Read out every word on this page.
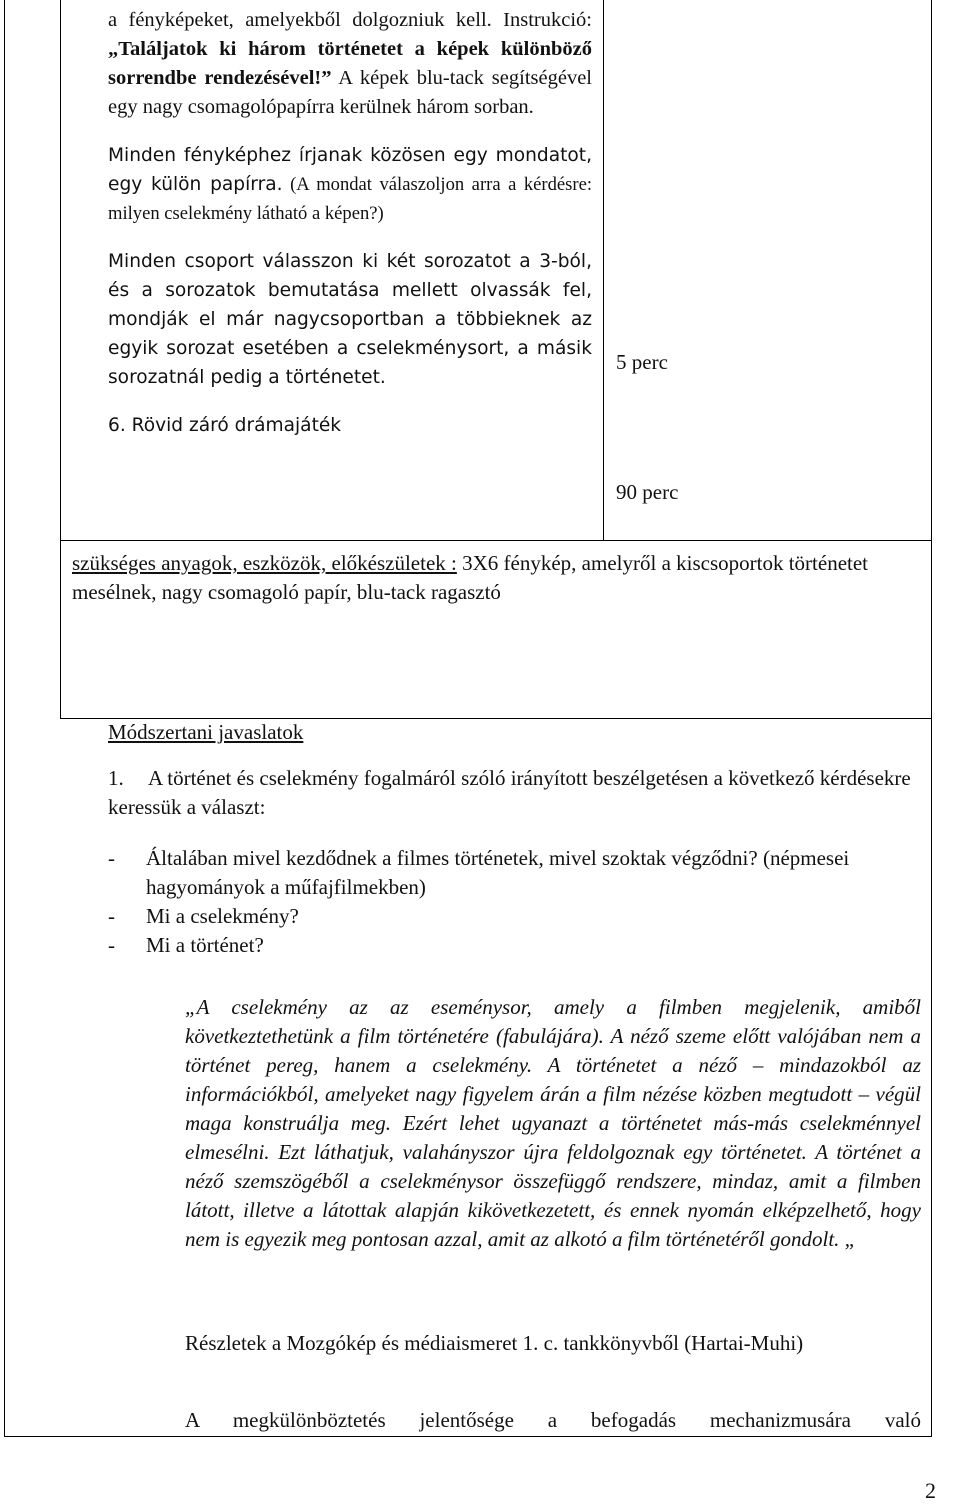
a fényképeket, amelyekből dolgozniuk kell. Instrukció: „Találjatok ki három történetet a képek különböző sorrendbe rendezésével!” A képek blu-tack segítségével egy nagy csomagolópapírra kerülnek három sorban.

Minden fényképhez írjanak közösen egy mondatot, egy külön papírra. (A mondat válaszoljon arra a kérdésre: milyen cselekmény látható a képen?)

Minden csoport válasszon ki két sorozatot a 3-ból, és a sorozatok bemutatása mellett olvassák fel, mondják el már nagycsoportban a többieknek az egyik sorozat esetében a cselekménysort, a másik sorozatnál pedig a történetet.

6. Rövid záró drámajáték

5 perc
90 perc
szükséges anyagok, eszközök, előkészületek : 3X6 fénykép, amelyről a kiscsoportok történetet mesélnek, nagy csomagoló papír, blu-tack ragasztó

Módszertani javaslatok

1. A történet és cselekmény fogalmáról szóló irányított beszélgetésen a következő kérdésekre keressük a választ:

- Általában mivel kezdődnek a filmes történetek, mivel szoktak végződni? (népmesei hagyományok a műfajfilmekben)
- Mi a cselekmény?
- Mi a történet?

„A cselekmény az az eseménysor, amely a filmben megjelenik, amiből következtethetünk a film történetére (fabulájára). A néző szeme előtt valójában nem a történet pereg, hanem a cselekmény. A történetet a néző – mindazokból az információkból, amelyeket nagy figyelem árán a film nézése közben megtudott – végül maga konstruálja meg. Ezért lehet ugyanazt a történetet más-más cselekménnyel elmesélni. Ezt láthatjuk, valahányszor újra feldolgoznak egy történetet. A történet a néző szemszögéből a cselekménysor összefüggő rendszere, mindaz, amit a filmben látott, illetve a látottak alapján kikövetkezetett, és ennek nyomán elképzelhető, hogy nem is egyezik meg pontosan azzal, amit az alkotó a film történetéről gondolt. „

Részletek a Mozgókép és médiaismeret 1. c. tankkönyvből (Hartai-Muhi)

A megkülönböztetés jelentősége a befogadás mechanizmusára való

2
